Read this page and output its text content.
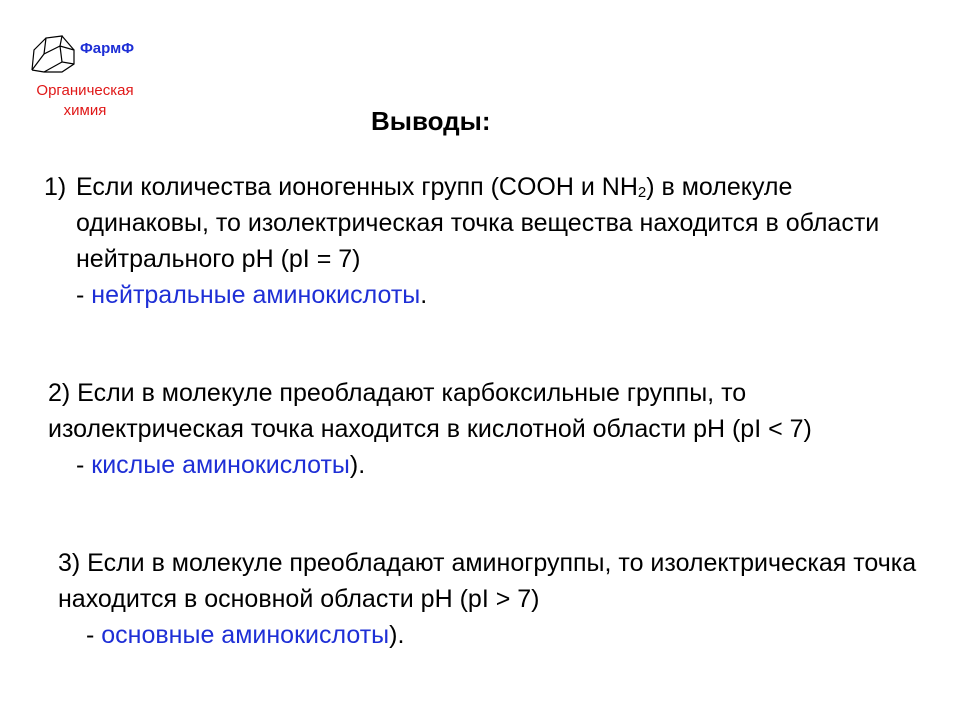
ФармФ
Органическая химия	Выводы:
1) Если количества ионогенных групп (COOH и $NH_2$) в молекуле одинаковы, то изолектрическая точка вещества находится в области нейтрального рН (pI = 7)
- нейтральные аминокислоты.
2) Если в молекуле преобладают карбоксильные группы, то изолектрическая точка находится в кислотной области рН (pI < 7)
- кислые аминокислоты).
3) Если в молекуле преобладают аминогруппы, то изолектрическая точка находится в основной области рН (pI > 7)
- основные аминокислоты).
